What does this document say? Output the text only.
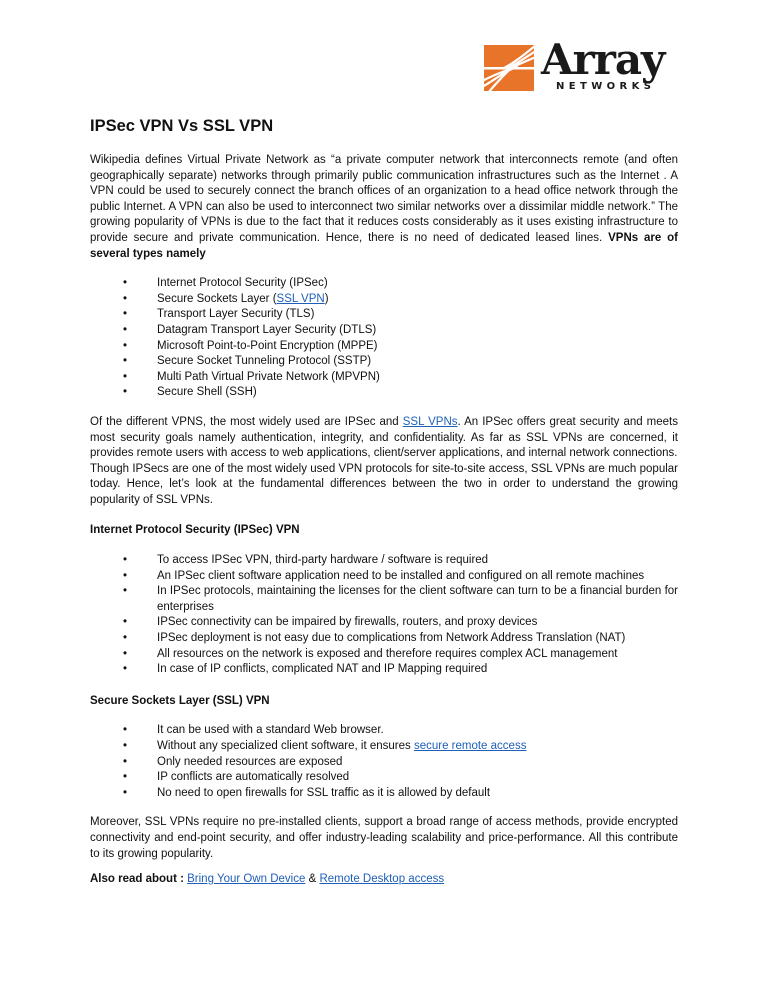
Array
NETWORKS
IPSec VPN Vs SSL VPN

Wikipedia defines Virtual Private Network as “a private computer network that interconnects remote (and often geographically separate) networks through primarily public communication infrastructures such as the Internet . A VPN could be used to securely connect the branch offices of an organization to a head office network through the public Internet. A VPN can also be used to interconnect two similar networks over a dissimilar middle network.” The growing popularity of VPNs is due to the fact that it reduces costs considerably as it uses existing infrastructure to provide secure and private communication. Hence, there is no need of dedicated leased lines. VPNs are of several types namely

•	Internet Protocol Security (IPSec)
•	Secure Sockets Layer (SSL VPN)
•	Transport Layer Security (TLS)
•	Datagram Transport Layer Security (DTLS)
•	Microsoft Point-to-Point Encryption (MPPE)
•	Secure Socket Tunneling Protocol (SSTP)
•	Multi Path Virtual Private Network (MPVPN)
•	Secure Shell (SSH)

Of the different VPNS, the most widely used are IPSec and SSL VPNs. An IPSec offers great security and meets most security goals namely authentication, integrity, and confidentiality. As far as SSL VPNs are concerned, it provides remote users with access to web applications, client/server applications, and internal network connections.

Though IPSecs are one of the most widely used VPN protocols for site-to-site access, SSL VPNs are much popular today. Hence, let’s look at the fundamental differences between the two in order to understand the growing popularity of SSL VPNs.

Internet Protocol Security (IPSec) VPN
•	To access IPSec VPN, third-party hardware / software is required
•	An IPSec client software application need to be installed and configured on all remote machines
•	In IPSec protocols, maintaining the licenses for the client software can turn to be a financial burden for enterprises
•	IPSec connectivity can be impaired by firewalls, routers, and proxy devices
•	IPSec deployment is not easy due to complications from Network Address Translation (NAT)
•	All resources on the network is exposed and therefore requires complex ACL management
•	In case of IP conflicts, complicated NAT and IP Mapping required
Secure Sockets Layer (SSL) VPN
•	It can be used with a standard Web browser.
•	Without any specialized client software, it ensures secure remote access
•	Only needed resources are exposed
•	IP conflicts are automatically resolved
•	No need to open firewalls for SSL traffic as it is allowed by default

Moreover, SSL VPNs require no pre-installed clients, support a broad range of access methods, provide encrypted connectivity and end-point security, and offer industry-leading scalability and price-performance. All this contribute to its growing popularity.

Also read about : Bring Your Own Device & Remote Desktop access
